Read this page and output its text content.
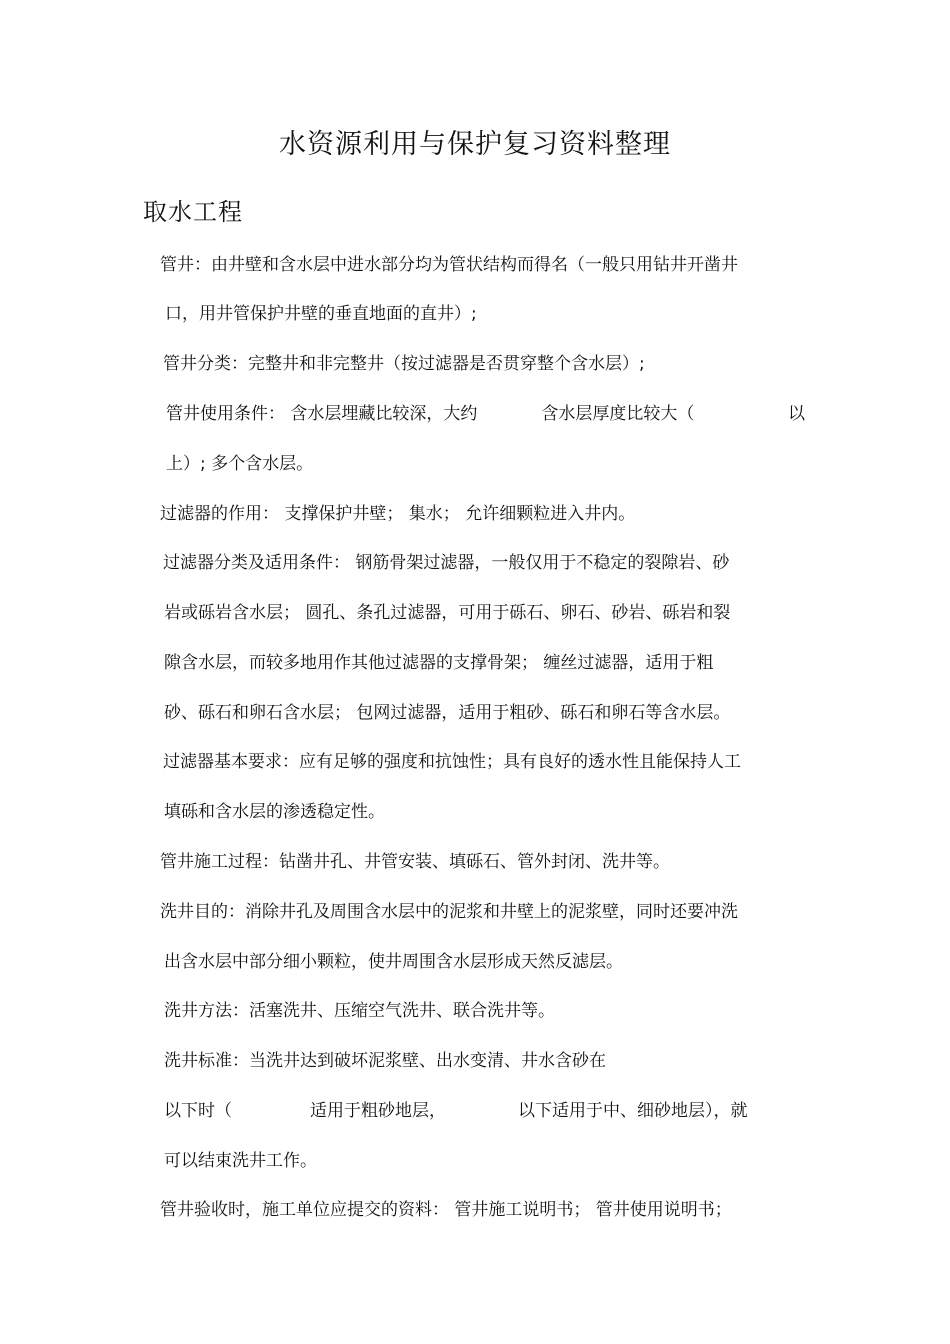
水资源利用与保护复习资料整理
取水工程
管井：由井壁和含水层中进水部分均为管状结构而得名（一般只用钻井开凿井
口，用井管保护井壁的垂直地面的直井）;
管井分类：完整井和非完整井（按过滤器是否贯穿整个含水层）;
管井使用条件： 含水层埋藏比较深，大约	含水层厚度比较大（	以
上）; 多个含水层。
过滤器的作用： 支撑保护井壁； 集水； 允许细颗粒进入井内。
过滤器分类及适用条件： 钢筋骨架过滤器，一般仅用于不稳定的裂隙岩、砂
岩或砾岩含水层； 圆孔、条孔过滤器，可用于砾石、卵石、砂岩、砾岩和裂
隙含水层，而较多地用作其他过滤器的支撑骨架； 缠丝过滤器，适用于粗
砂、砾石和卵石含水层； 包网过滤器，适用于粗砂、砾石和卵石等含水层。
过滤器基本要求：应有足够的强度和抗蚀性；具有良好的透水性且能保持人工
填砾和含水层的渗透稳定性。
管井施工过程：钻凿井孔、井管安装、填砾石、管外封闭、洗井等。
洗井目的：消除井孔及周围含水层中的泥浆和井壁上的泥浆壁，同时还要冲洗
出含水层中部分细小颗粒，使井周围含水层形成天然反滤层。
洗井方法：活塞洗井、压缩空气洗井、联合洗井等。
洗井标准：当洗井达到破坏泥浆壁、出水变清、井水含砂在
以下时（	适用于粗砂地层，	以下适用于中、细砂地层），就
可以结束洗井工作。
管井验收时，施工单位应提交的资料： 管井施工说明书； 管井使用说明书；
